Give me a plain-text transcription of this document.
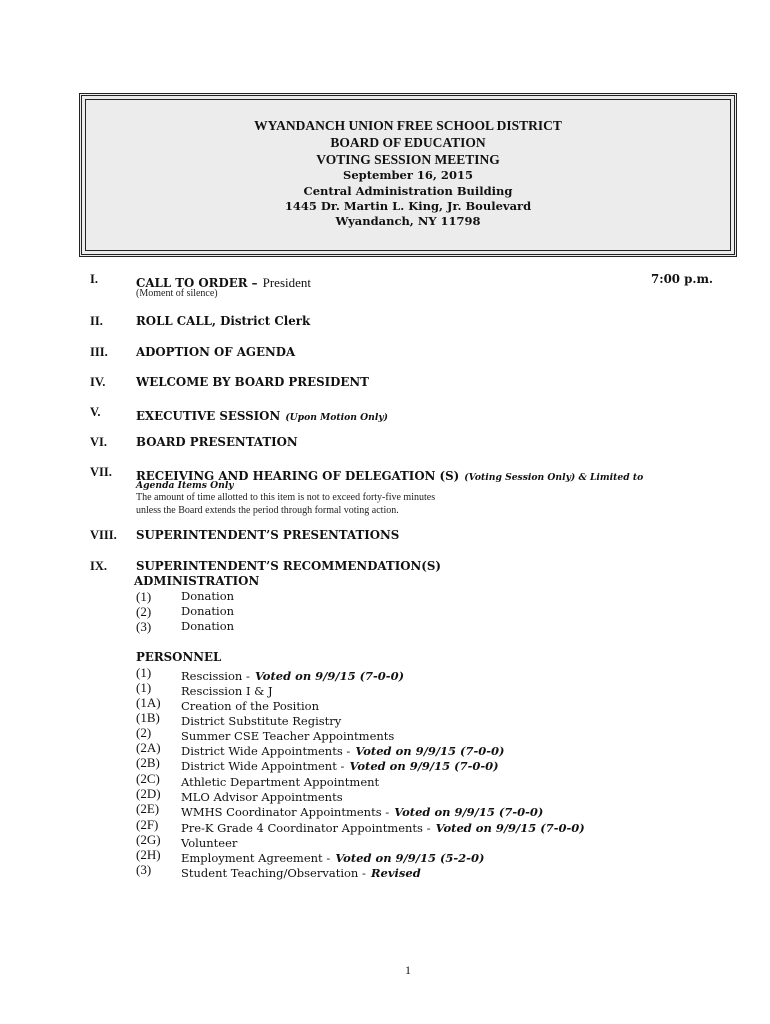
WYANDANCH UNION FREE SCHOOL DISTRICT
BOARD OF EDUCATION
VOTING SESSION MEETING
September 16, 2015
Central Administration Building
1445 Dr. Martin L. King, Jr. Boulevard
Wyandanch, NY 11798
I.	CALL TO ORDER – President	7:00 p.m.
(Moment of silence)
II.	ROLL CALL, District Clerk
III. ADOPTION OF AGENDA
IV.	WELCOME BY BOARD PRESIDENT
V.	EXECUTIVE SESSION (Upon Motion Only)
VI. BOARD PRESENTATION
VII. RECEIVING AND HEARING OF DELEGATION (S) (Voting Session Only) & Limited to
Agenda Items Only
The amount of time allotted to this item is not to exceed forty-five minutes
unless the Board extends the period through formal voting action.
VIII. SUPERINTENDENT’S PRESENTATIONS
IX. SUPERINTENDENT’S RECOMMENDATION(S)
ADMINISTRATION
(1)	Donation
(2)	Donation
(3)	Donation
PERSONNEL
(1)	Rescission - Voted on 9/9/15 (7-0-0)
(1)	Rescission I & J
(1A) Creation of the Position
(1B) District Substitute Registry
(2)	Summer CSE Teacher Appointments
(2A) District Wide Appointments - Voted on 9/9/15 (7-0-0)
(2B) District Wide Appointment - Voted on 9/9/15 (7-0-0)
(2C) Athletic Department Appointment
(2D) MLO Advisor Appointments
(2E) WMHS Coordinator Appointments - Voted on 9/9/15 (7-0-0)
(2F) Pre-K Grade 4 Coordinator Appointments - Voted on 9/9/15 (7-0-0)
(2G) Volunteer
(2H) Employment Agreement - Voted on 9/9/15 (5-2-0)
(3)	Student Teaching/Observation - Revised
1
